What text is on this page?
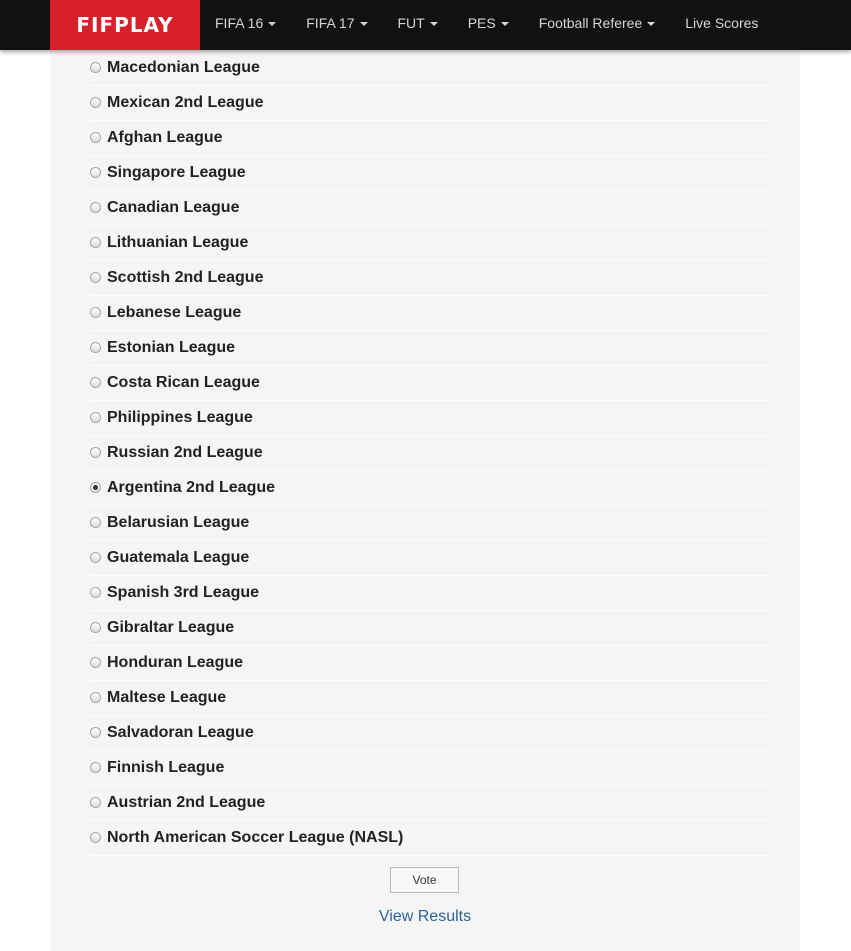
FIFPLAY	FIFA 16	FIFA 17	FUT	PES	Football Referee	Live Scores
Macedonian League
Mexican 2nd League
Afghan League
Singapore League
Canadian League
Lithuanian League
Scottish 2nd League
Lebanese League
Estonian League
Costa Rican League
Philippines League
Russian 2nd League
Argentina 2nd League
Belarusian League
Guatemala League
Spanish 3rd League
Gibraltar League
Honduran League
Maltese League
Salvadoran League
Finnish League
Austrian 2nd League
North American Soccer League (NASL)
Vote
View Results
